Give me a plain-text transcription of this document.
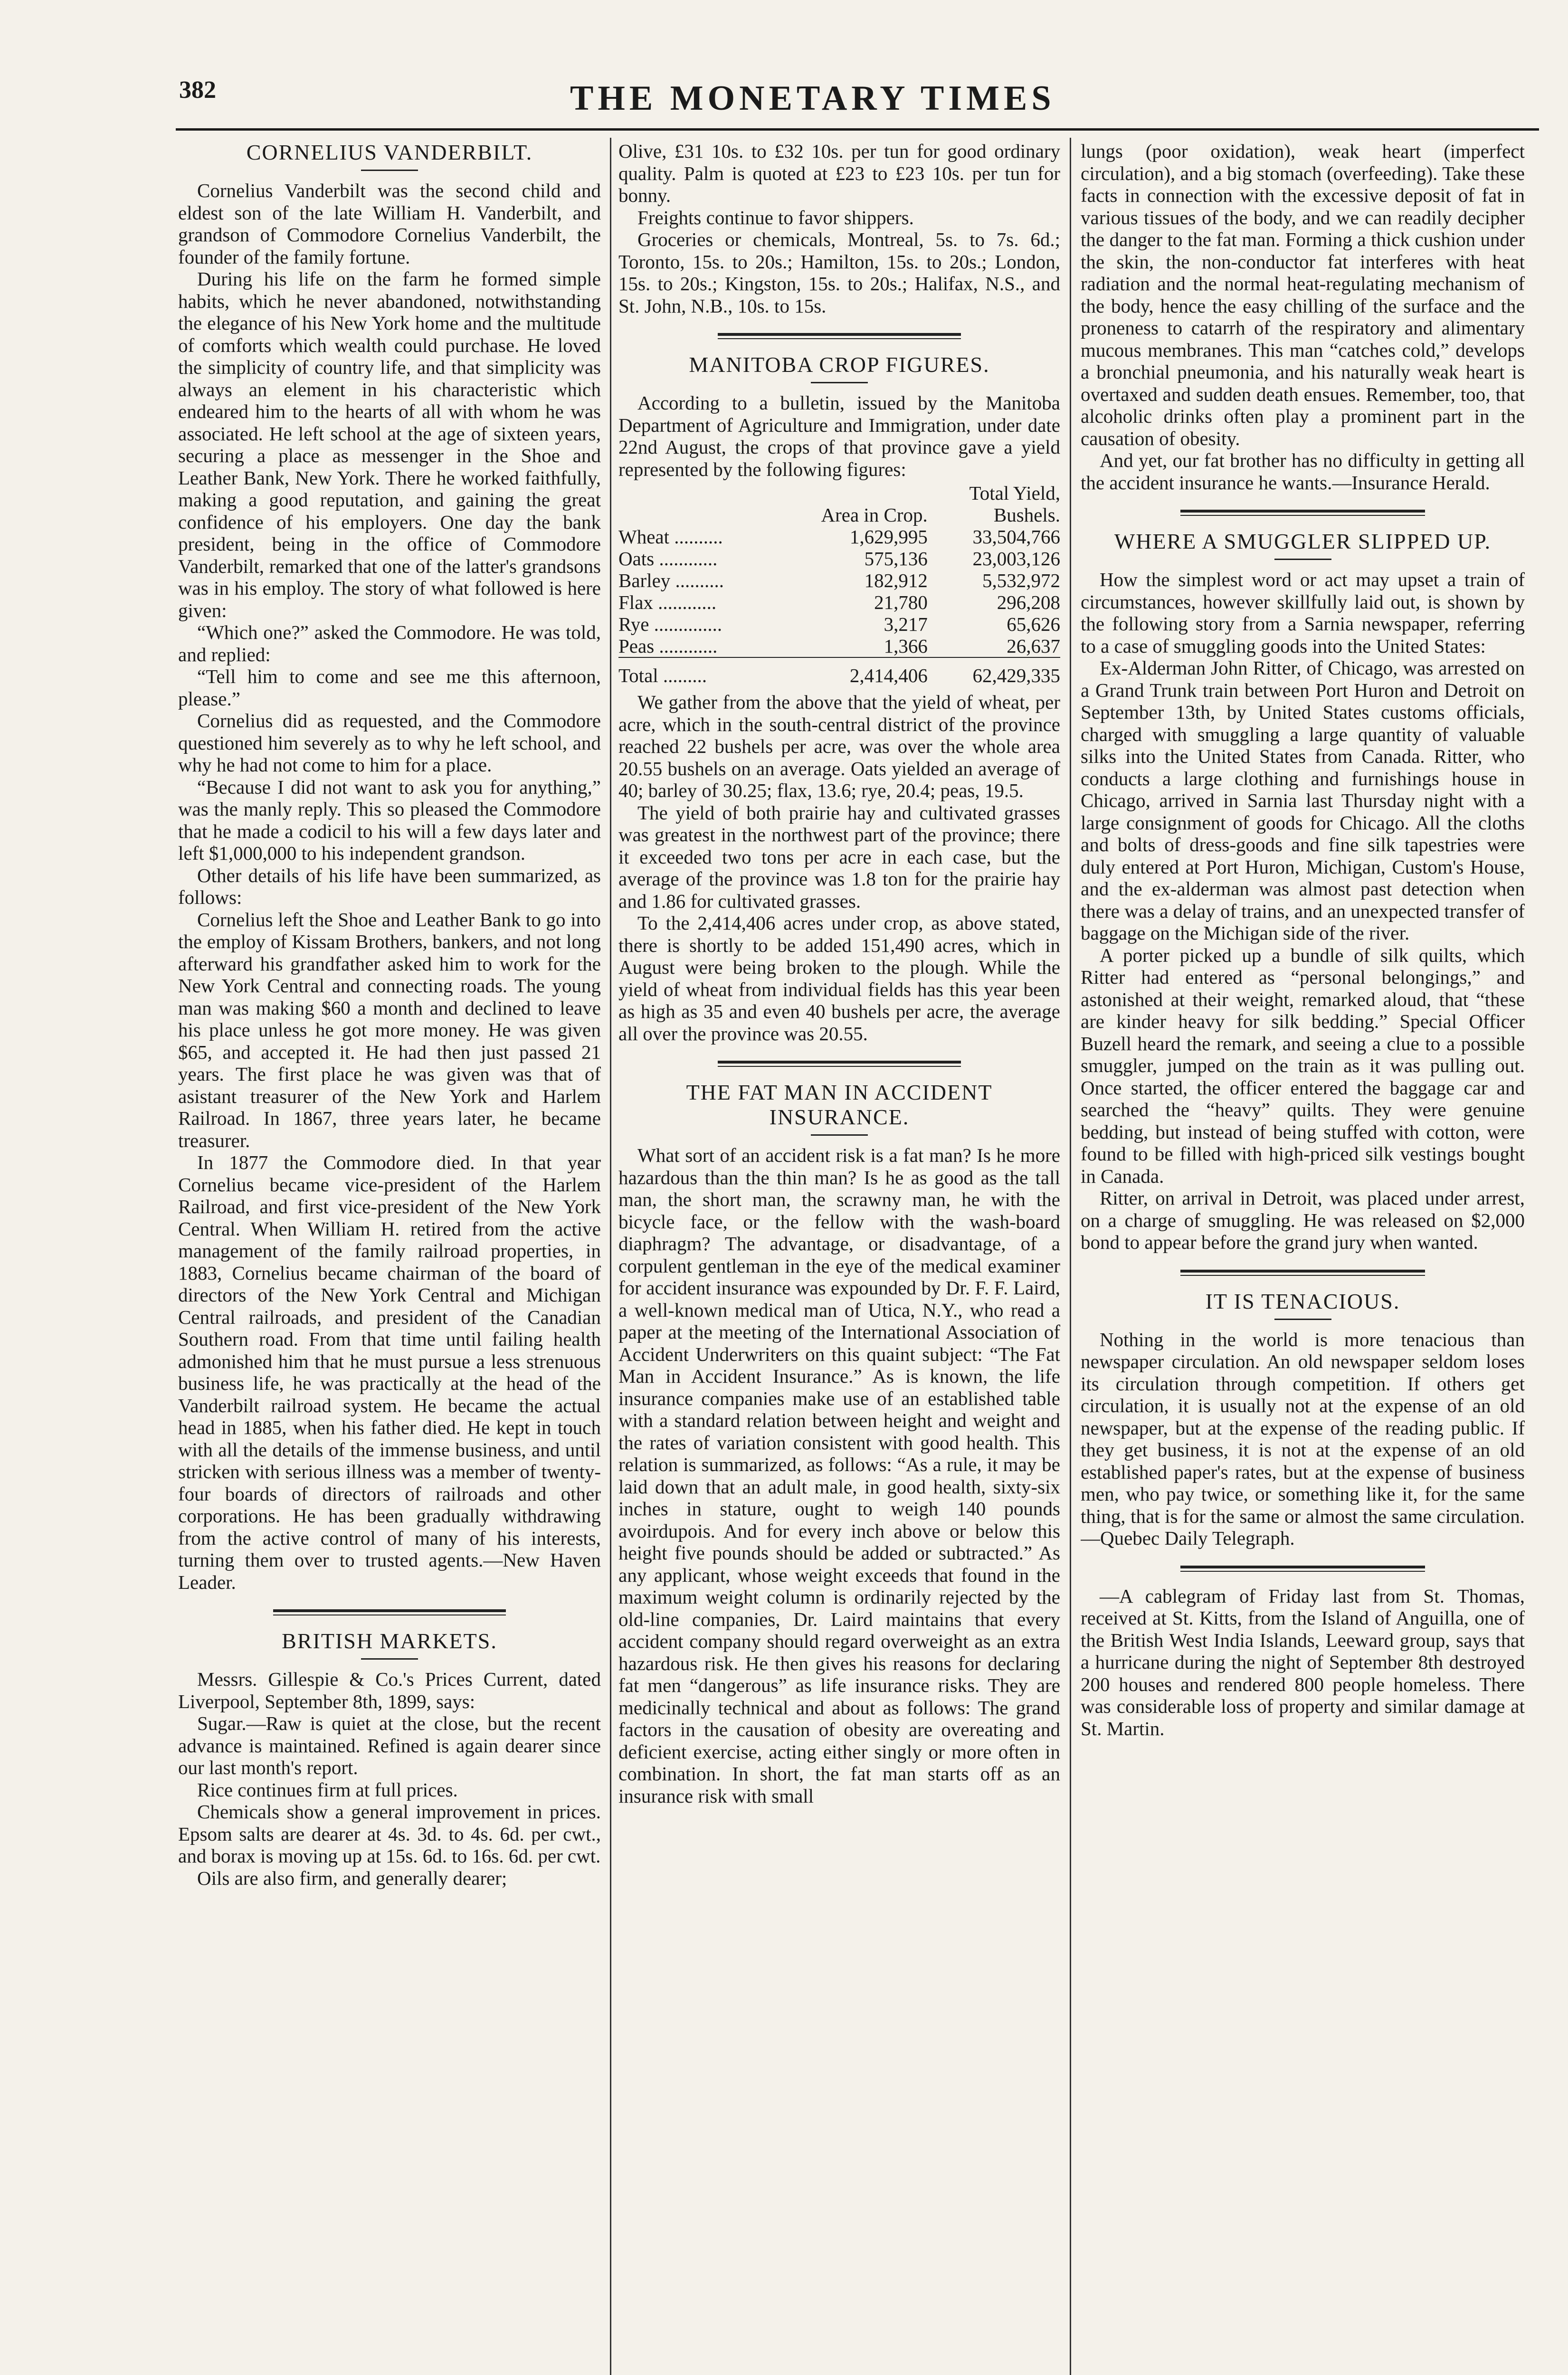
382	THE MONETARY TIMES
CORNELIUS VANDERBILT.

Cornelius Vanderbilt was the second child and eldest son of the late William H. Vanderbilt, and grandson of Commodore Cornelius Vanderbilt, the founder of the family fortune.

During his life on the farm he formed simple habits, which he never abandoned, notwithstanding the elegance of his New York home and the multitude of comforts which wealth could purchase. He loved the simplicity of country life, and that simplicity was always an element in his characteristic which endeared him to the hearts of all with whom he was associated. He left school at the age of sixteen years, securing a place as messenger in the Shoe and Leather Bank, New York. There he worked faithfully, making a good reputation, and gaining the great confidence of his employers. One day the bank president, being in the office of Commodore Vanderbilt, remarked that one of the latter's grandsons was in his employ. The story of what followed is here given:

“Which one?” asked the Commodore. He was told, and replied:

“Tell him to come and see me this afternoon, please.”

Cornelius did as requested, and the Commodore questioned him severely as to why he left school, and why he had not come to him for a place.

“Because I did not want to ask you for anything,” was the manly reply. This so pleased the Commodore that he made a codicil to his will a few days later and left $1,000,000 to his independent grandson.

Other details of his life have been summarized, as follows:

Cornelius left the Shoe and Leather Bank to go into the employ of Kissam Brothers, bankers, and not long afterward his grandfather asked him to work for the New York Central and connecting roads. The young man was making $60 a month and declined to leave his place unless he got more money. He was given $65, and accepted it. He had then just passed 21 years. The first place he was given was that of asistant treasurer of the New York and Harlem Railroad. In 1867, three years later, he became treasurer.

In 1877 the Commodore died. In that year Cornelius became vice-president of the Harlem Railroad, and first vice-president of the New York Central. When William H. retired from the active management of the family railroad properties, in 1883, Cornelius became chairman of the board of directors of the New York Central and Michigan Central railroads, and president of the Canadian Southern road. From that time until failing health admonished him that he must pursue a less strenuous business life, he was practically at the head of the Vanderbilt railroad system. He became the actual head in 1885, when his father died. He kept in touch with all the details of the immense business, and until stricken with serious illness was a member of twenty-four boards of directors of railroads and other corporations. He has been gradually withdrawing from the active control of many of his interests, turning them over to trusted agents.—New Haven Leader.

BRITISH MARKETS.

Messrs. Gillespie & Co.'s Prices Current, dated Liverpool, September 8th, 1899, says:

Sugar.—Raw is quiet at the close, but the recent advance is maintained. Refined is again dearer since our last month's report.

Rice continues firm at full prices.

Chemicals show a general improvement in prices. Epsom salts are dearer at 4s. 3d. to 4s. 6d. per cwt., and borax is moving up at 15s. 6d. to 16s. 6d. per cwt.

Oils are also firm, and generally dearer;

Olive, £31 10s. to £32 10s. per tun for good ordinary quality. Palm is quoted at £23 to £23 10s. per tun for bonny.

Freights continue to favor shippers.

Groceries or chemicals, Montreal, 5s. to 7s. 6d.; Toronto, 15s. to 20s.; Hamilton, 15s. to 20s.; London, 15s. to 20s.; Kingston, 15s. to 20s.; Halifax, N.S., and St. John, N.B., 10s. to 15s.

MANITOBA CROP FIGURES.

According to a bulletin, issued by the Manitoba Department of Agriculture and Immigration, under date 22nd August, the crops of that province gave a yield represented by the following figures:

		Total Yield,
	Area in Crop.	Bushels.
Wheat ..........	1,629,995	33,504,766
Oats ............	575,136	23,003,126
Barley ..........	182,912	5,532,972
Flax ............	21,780	296,208
Rye ..............	3,217	65,626
Peas ............	1,366	26,637

Total .........	2,414,406	62,429,335

We gather from the above that the yield of wheat, per acre, which in the south-central district of the province reached 22 bushels per acre, was over the whole area 20.55 bushels on an average. Oats yielded an average of 40; barley of 30.25; flax, 13.6; rye, 20.4; peas, 19.5.

The yield of both prairie hay and cultivated grasses was greatest in the northwest part of the province; there it exceeded two tons per acre in each case, but the average of the province was 1.8 ton for the prairie hay and 1.86 for cultivated grasses.

To the 2,414,406 acres under crop, as above stated, there is shortly to be added 151,490 acres, which in August were being broken to the plough. While the yield of wheat from individual fields has this year been as high as 35 and even 40 bushels per acre, the average all over the province was 20.55.

THE FAT MAN IN ACCIDENT INSURANCE.

What sort of an accident risk is a fat man? Is he more hazardous than the thin man? Is he as good as the tall man, the short man, the scrawny man, he with the bicycle face, or the fellow with the wash-board diaphragm? The advantage, or disadvantage, of a corpulent gentleman in the eye of the medical examiner for accident insurance was expounded by Dr. F. F. Laird, a well-known medical man of Utica, N.Y., who read a paper at the meeting of the International Association of Accident Underwriters on this quaint subject: “The Fat Man in Accident Insurance.” As is known, the life insurance companies make use of an established table with a standard relation between height and weight and the rates of variation consistent with good health. This relation is summarized, as follows: “As a rule, it may be laid down that an adult male, in good health, sixty-six inches in stature, ought to weigh 140 pounds avoirdupois. And for every inch above or below this height five pounds should be added or subtracted.” As any applicant, whose weight exceeds that found in the maximum weight column is ordinarily rejected by the old-line companies, Dr. Laird maintains that every accident company should regard overweight as an extra hazardous risk. He then gives his reasons for declaring fat men “dangerous” as life insurance risks. They are medicinally technical and about as follows: The grand factors in the causation of obesity are overeating and deficient exercise, acting either singly or more often in combination. In short, the fat man starts off as an insurance risk with small

lungs (poor oxidation), weak heart (imperfect circulation), and a big stomach (overfeeding). Take these facts in connection with the excessive deposit of fat in various tissues of the body, and we can readily decipher the danger to the fat man. Forming a thick cushion under the skin, the non-conductor fat interferes with heat radiation and the normal heat-regulating mechanism of the body, hence the easy chilling of the surface and the proneness to catarrh of the respiratory and alimentary mucous membranes. This man “catches cold,” develops a bronchial pneumonia, and his naturally weak heart is overtaxed and sudden death ensues. Remember, too, that alcoholic drinks often play a prominent part in the causation of obesity.

And yet, our fat brother has no difficulty in getting all the accident insurance he wants.—Insurance Herald.

WHERE A SMUGGLER SLIPPED UP.

How the simplest word or act may upset a train of circumstances, however skillfully laid out, is shown by the following story from a Sarnia newspaper, referring to a case of smuggling goods into the United States:

Ex-Alderman John Ritter, of Chicago, was arrested on a Grand Trunk train between Port Huron and Detroit on September 13th, by United States customs officials, charged with smuggling a large quantity of valuable silks into the United States from Canada. Ritter, who conducts a large clothing and furnishings house in Chicago, arrived in Sarnia last Thursday night with a large consignment of goods for Chicago. All the cloths and bolts of dress-goods and fine silk tapestries were duly entered at Port Huron, Michigan, Custom's House, and the ex-alderman was almost past detection when there was a delay of trains, and an unexpected transfer of baggage on the Michigan side of the river.

A porter picked up a bundle of silk quilts, which Ritter had entered as “personal belongings,” and astonished at their weight, remarked aloud, that “these are kinder heavy for silk bedding.” Special Officer Buzell heard the remark, and seeing a clue to a possible smuggler, jumped on the train as it was pulling out. Once started, the officer entered the baggage car and searched the “heavy” quilts. They were genuine bedding, but instead of being stuffed with cotton, were found to be filled with high-priced silk vestings bought in Canada.

Ritter, on arrival in Detroit, was placed under arrest, on a charge of smuggling. He was released on $2,000 bond to appear before the grand jury when wanted.

IT IS TENACIOUS.

Nothing in the world is more tenacious than newspaper circulation. An old newspaper seldom loses its circulation through competition. If others get circulation, it is usually not at the expense of an old newspaper, but at the expense of the reading public. If they get business, it is not at the expense of an old established paper's rates, but at the expense of business men, who pay twice, or something like it, for the same thing, that is for the same or almost the same circulation.—Quebec Daily Telegraph.

—A cablegram of Friday last from St. Thomas, received at St. Kitts, from the Island of Anguilla, one of the British West India Islands, Leeward group, says that a hurricane during the night of September 8th destroyed 200 houses and rendered 800 people homeless. There was considerable loss of property and similar damage at St. Martin.
